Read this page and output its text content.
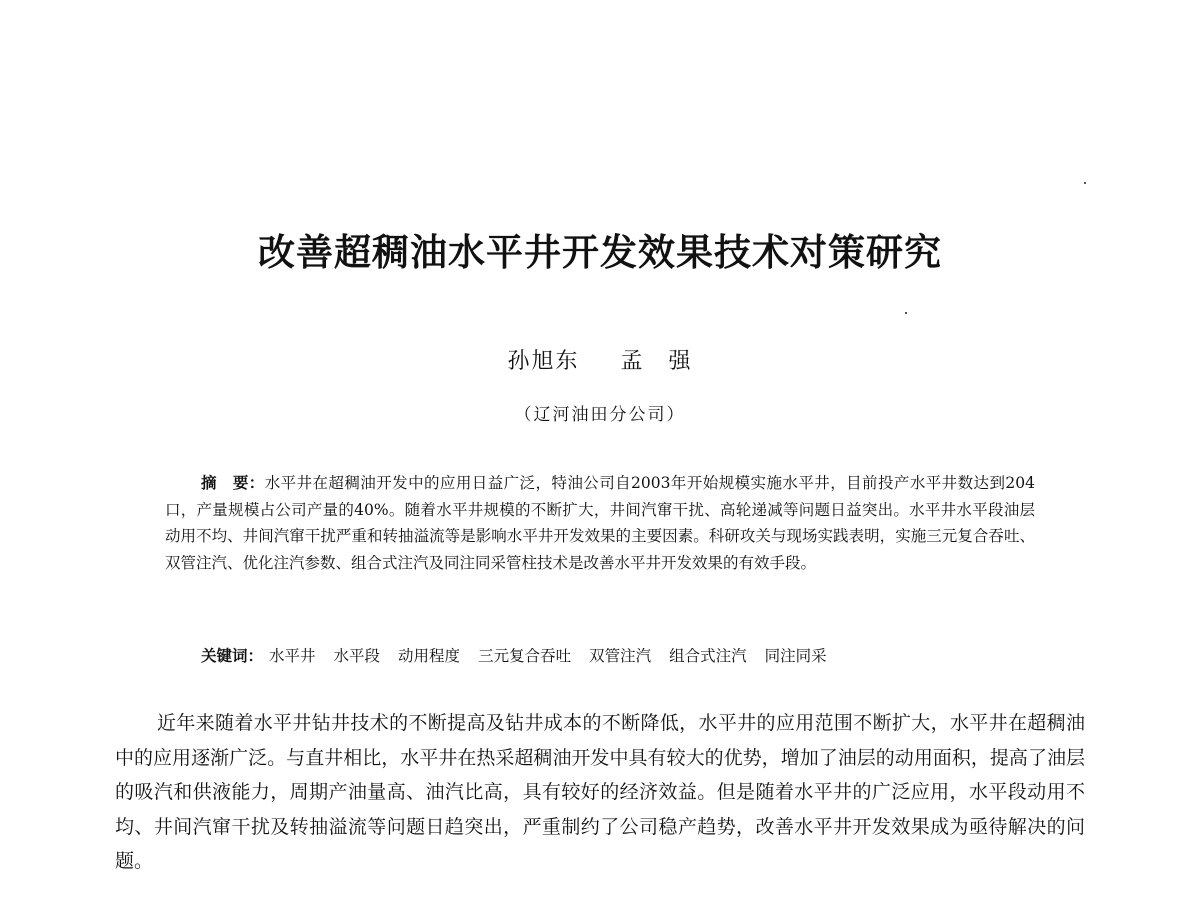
改善超稠油水平井开发效果技术对策研究
孙旭东 孟　强
（辽河油田分公司）

摘　要：水平井在超稠油开发中的应用日益广泛，特油公司自2003年开始规模实施水平井，目前投产水平井数达到204口，产量规模占公司产量的40%。随着水平井规模的不断扩大，井间汽窜干扰、高轮递减等问题日益突出。水平井水平段油层动用不均、井间汽窜干扰严重和转抽溢流等是影响水平井开发效果的主要因素。科研攻关与现场实践表明，实施三元复合吞吐、双管注汽、优化注汽参数、组合式注汽及同注同采管柱技术是改善水平井开发效果的有效手段。

关键词： 水平井 水平段 动用程度 三元复合吞吐 双管注汽 组合式注汽 同注同采

近年来随着水平井钻井技术的不断提高及钻井成本的不断降低，水平井的应用范围不断扩大，水平井在超稠油中的应用逐渐广泛。与直井相比，水平井在热采超稠油开发中具有较大的优势，增加了油层的动用面积，提高了油层的吸汽和供液能力，周期产油量高、油汽比高，具有较好的经济效益。但是随着水平井的广泛应用，水平段动用不均、井间汽窜干扰及转抽溢流等问题日趋突出，严重制约了公司稳产趋势，改善水平井开发效果成为亟待解决的问题。
